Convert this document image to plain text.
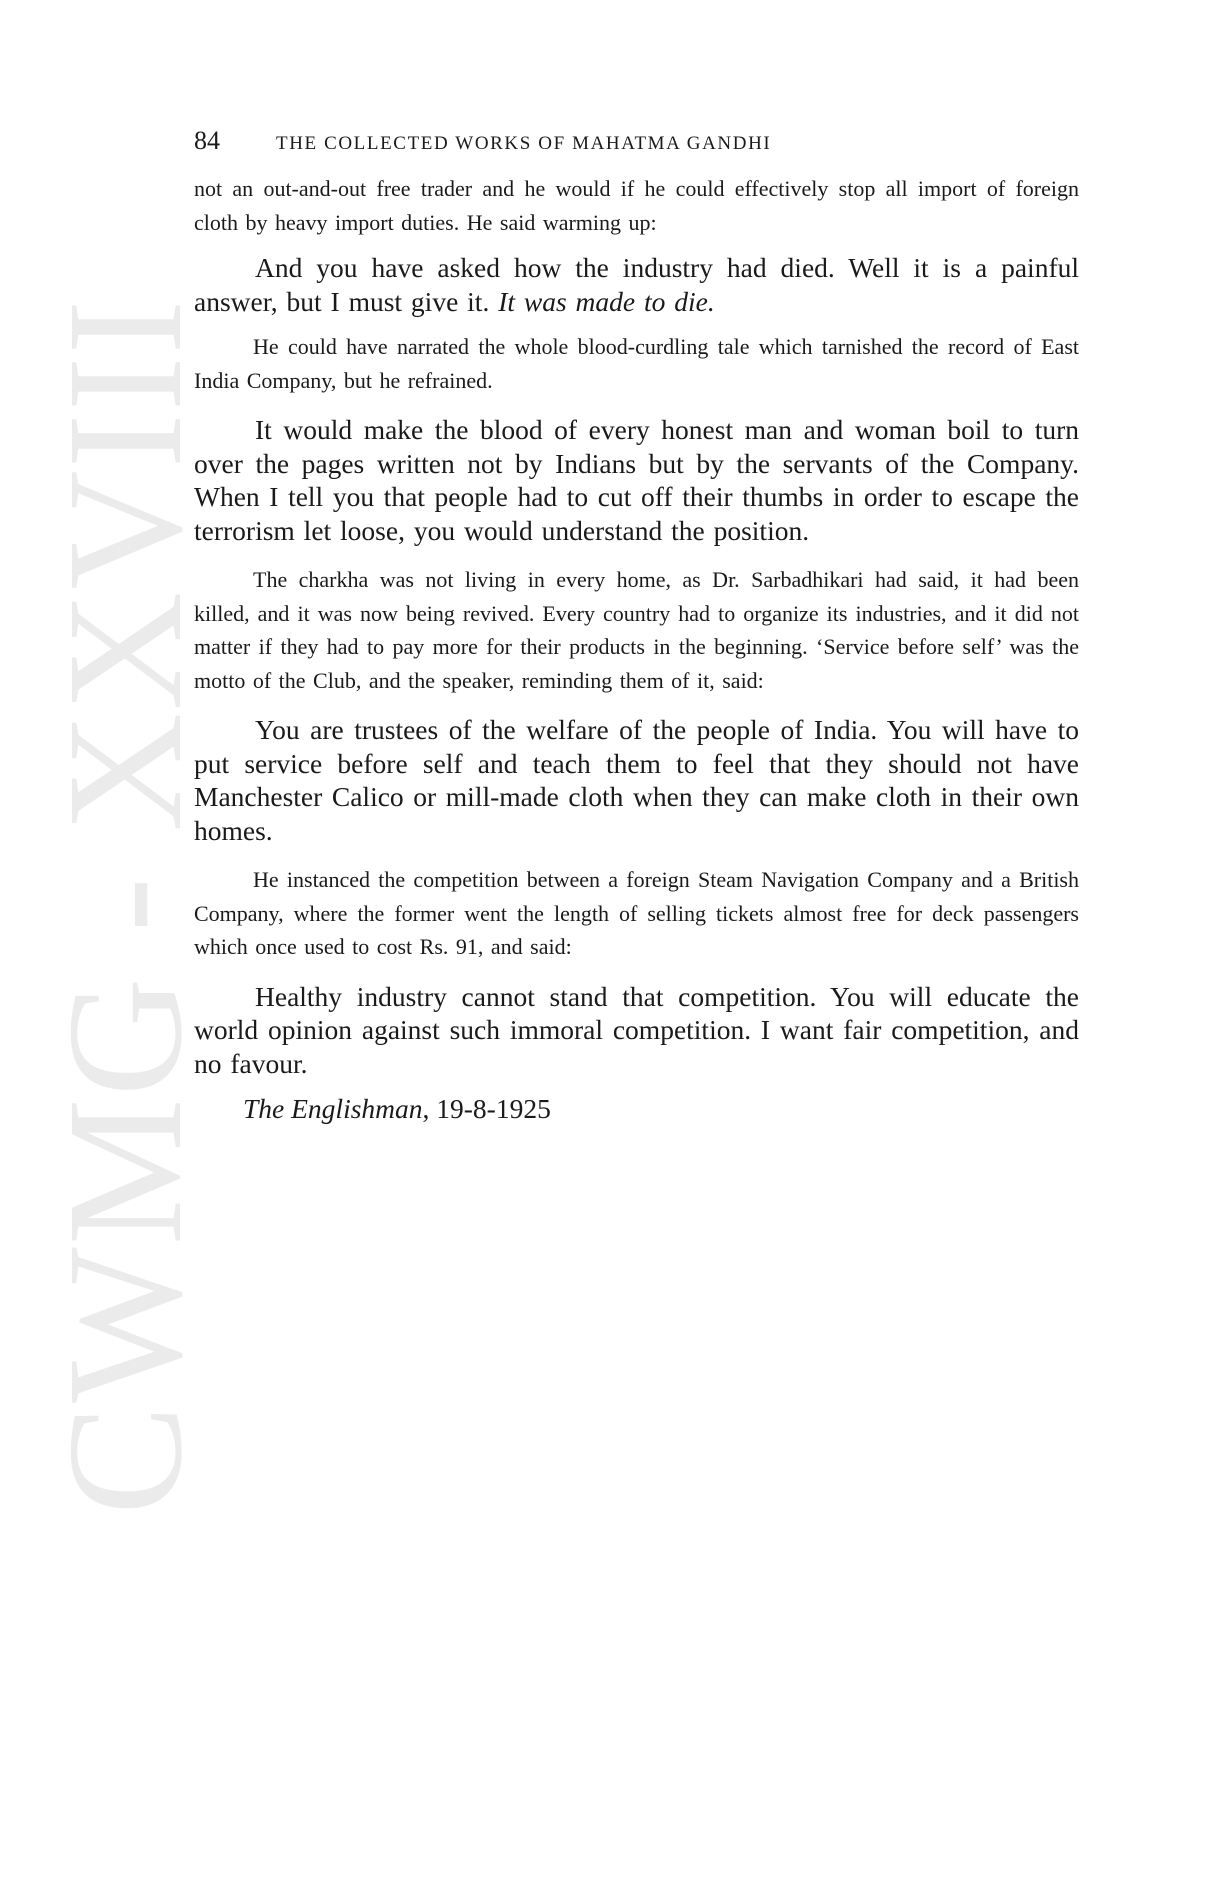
CWMG - XXVIII
84	THE COLLECTED WORKS OF MAHATMA GANDHI

not an out-and-out free trader and he would if he could effectively stop all import of foreign cloth by heavy import duties. He said warming up:

And you have asked how the industry had died. Well it is a painful answer, but I must give it. It was made to die.

He could have narrated the whole blood-curdling tale which tarnished the record of East India Company, but he refrained.

It would make the blood of every honest man and woman boil to turn over the pages written not by Indians but by the servants of the Company. When I tell you that people had to cut off their thumbs in order to escape the terrorism let loose, you would understand the position.

The charkha was not living in every home, as Dr. Sarbadhikari had said, it had been killed, and it was now being revived. Every country had to organize its industries, and it did not matter if they had to pay more for their products in the beginning. ‘Service before self’ was the motto of the Club, and the speaker, reminding them of it, said:

You are trustees of the welfare of the people of India. You will have to put service before self and teach them to feel that they should not have Manchester Calico or mill-made cloth when they can make cloth in their own homes.

He instanced the competition between a foreign Steam Navigation Company and a British Company, where the former went the length of selling tickets almost free for deck passengers which once used to cost Rs. 91, and said:

Healthy industry cannot stand that competition. You will educate the world opinion against such immoral competition. I want fair competition, and no favour.

The Englishman, 19-8-1925
